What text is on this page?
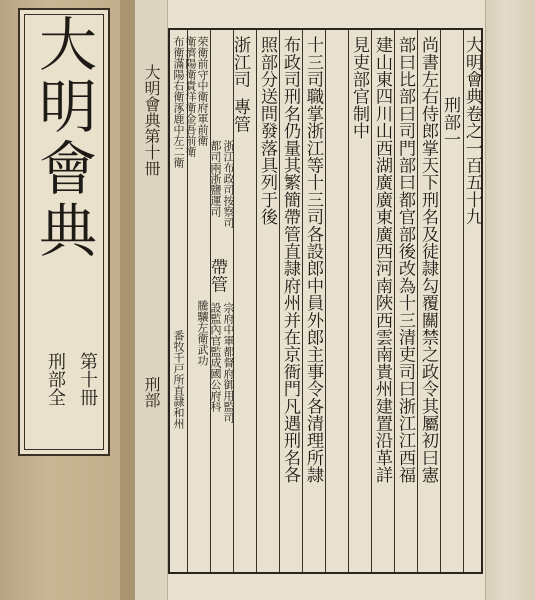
大明會典
第十冊
刑部全
大明會典第十冊
刑部
大明會典卷之一百五十九
刑部一
尚書左右侍郎掌天下刑名及徒隷勾覆關禁之政令其屬初曰憲
部曰比部曰司門部曰都官部後改為十三清吏司曰浙江江西福
建山東四川山西湖廣廣東廣西河南陜西雲南貴州建置沿革詳
見吏部官制中
十三司職掌浙江等十三司各設郎中員外郎主事令各清理所隷
布政司刑名仍量其繁簡帶管直隷府州并在京衙門凡遇刑名各
照部分送問發落具列于後
浙江司
專管
浙江布政司按察司
都司兩浙鹽運司
帶管
宗府中軍都督府御用監司
設監內官監成國公府科
荣衛前守中衛府軍前衛
衛濟陽衛貴洋衛金吾前衛
騰驤左衛武功
布衛滿陽右衛涿鹿中左二衛
番牧千戸所直隷和州
